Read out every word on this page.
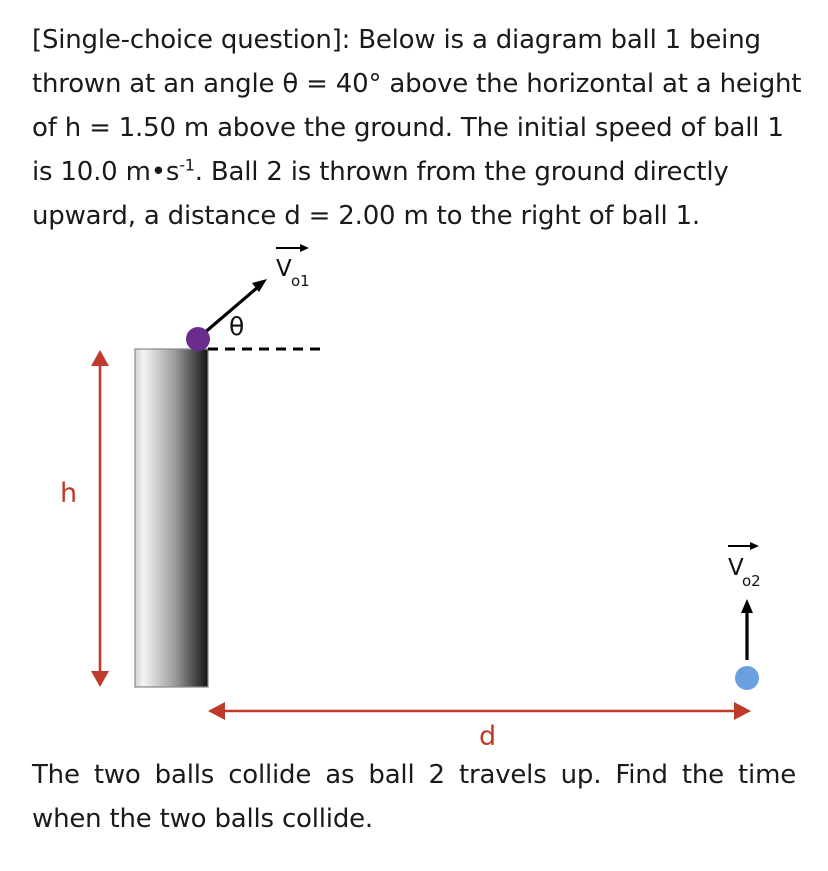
[Single-choice question]: Below is a diagram ball 1 being thrown at an angle θ = 40° above the horizontal at a height of h = 1.50 m above the ground. The initial speed of ball 1 is 10.0 $m•s^{-1}$. Ball 2 is thrown from the ground directly upward, a distance d = 2.00 m to the right of ball 1.

θ
V o1
h
V
o2
d

The two balls collide as ball 2 travels up. Find the time
when the two balls collide.
